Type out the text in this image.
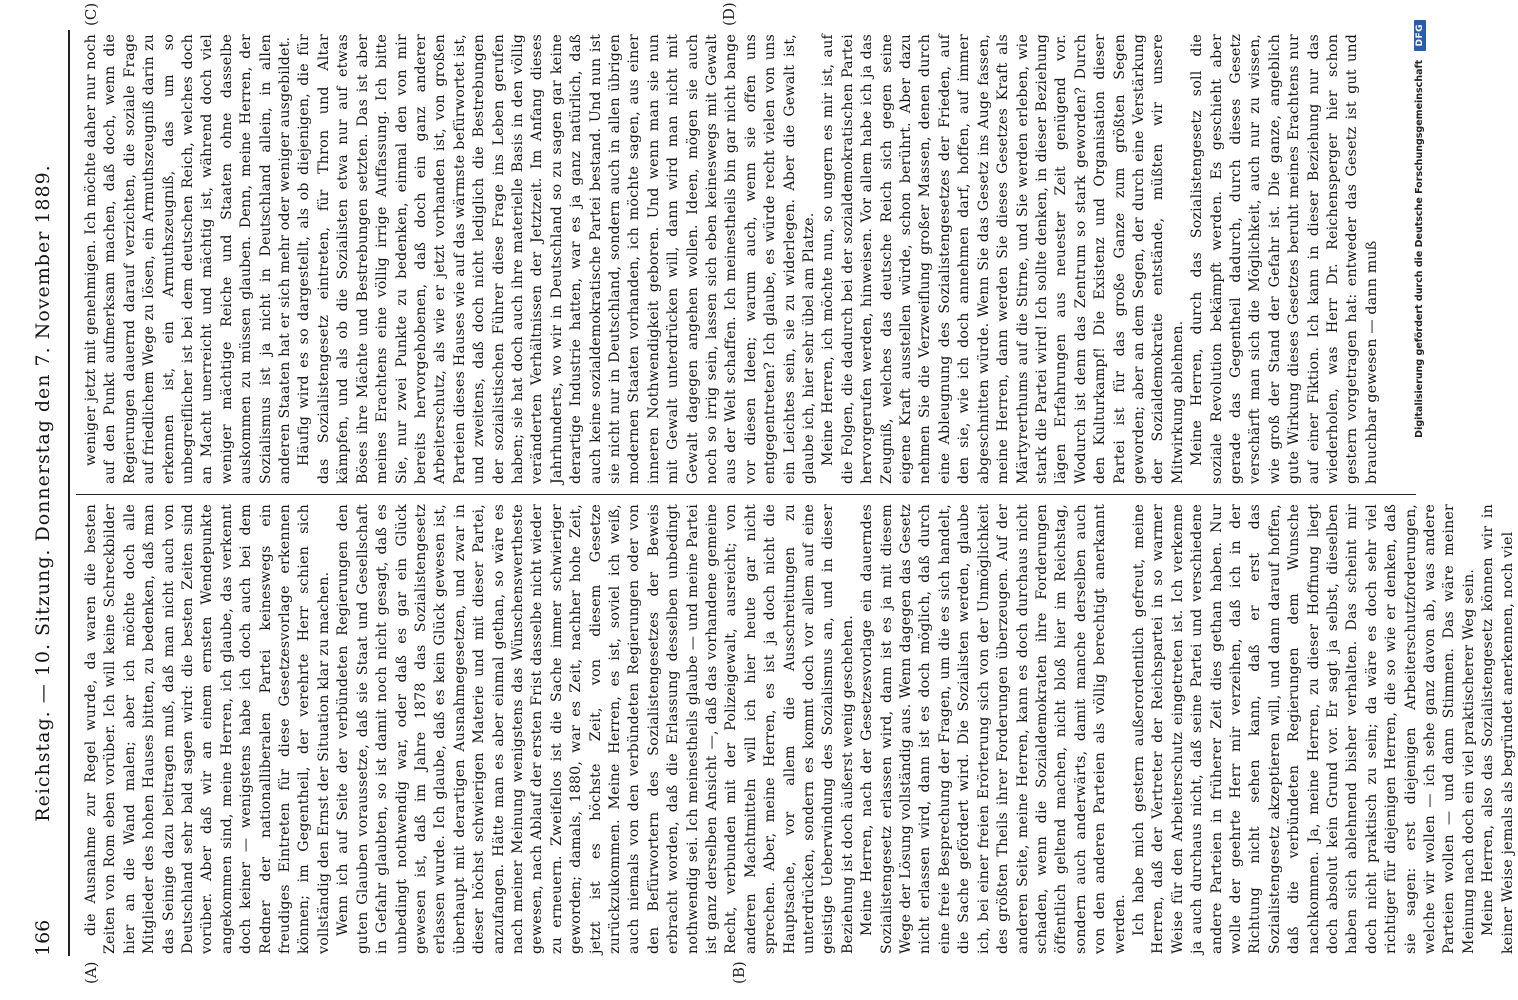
166
Reichstag. — 10. Sitzung. Donnerstag den 7. November 1889.
(A)	(B)
(C)	(D)

die Ausnahme zur Regel wurde, da waren die besten Zeiten von Rom eben vorüber. Ich will keine Schreckbilder hier an die Wand malen; aber ich möchte doch alle Mitglieder des hohen Hauses bitten, zu bedenken, daß man das Seinige dazu beitragen muß, daß man nicht auch von Deutschland sehr bald sagen wird: die besten Zeiten sind vorüber. Aber daß wir an einem ernsten Wendepunkte angekommen sind, meine Herren, ich glaube, das verkennt doch keiner — wenigstens habe ich doch auch bei dem Redner der nationalliberalen Partei keineswegs ein freudiges Eintreten für diese Gesetzesvorlage erkennen können; im Gegentheil, der verehrte Herr schien sich vollständig den Ernst der Situation klar zu machen. Wenn ich auf Seite der verbündeten Regierungen den guten Glauben voraussetze, daß sie Staat und Gesellschaft in Gefahr glaubten, so ist damit noch nicht gesagt, daß es unbedingt nothwendig war, oder daß es gar ein Glück gewesen ist, daß im Jahre 1878 das Sozialistengesetz erlassen wurde. Ich glaube, daß es kein Glück gewesen ist, überhaupt mit derartigen Ausnahmegesetzen, und zwar in dieser höchst schwierigen Materie und mit dieser Partei, anzufangen. Hätte man es aber einmal gethan, so wäre es nach meiner Meinung wenigstens das Wünschenswertheste gewesen, nach Ablauf der ersten Frist dasselbe nicht wieder zu erneuern. Zweifellos ist die Sache immer schwieriger geworden; damals, 1880, war es Zeit, nachher hohe Zeit, jetzt ist es höchste Zeit, von diesem Gesetze zurückzukommen. Meine Herren, es ist, soviel ich weiß, auch niemals von den verbündeten Regierungen oder von den Befürwortern des Sozialistengesetzes der Beweis erbracht worden, daß die Erlassung desselben unbedingt nothwendig sei. Ich meinestheils glaube — und meine Partei ist ganz derselben Ansicht —, daß das vorhandene gemeine Recht, verbunden mit der Polizeigewalt, ausreicht; von anderen Machtmitteln will ich hier heute gar nicht sprechen. Aber, meine Herren, es ist ja doch nicht die Hauptsache, vor allem die Ausschreitungen zu unterdrücken, sondern es kommt doch vor allem auf eine geistige Ueberwindung des Sozialismus an, und in dieser Beziehung ist doch äußerst wenig geschehen. Meine Herren, nach der Gesetzesvorlage ein dauerndes Sozialistengesetz erlassen wird, dann ist es ja mit diesem Wege der Lösung vollständig aus. Wenn dagegen das Gesetz nicht erlassen wird, dann ist es doch möglich, daß durch eine freie Besprechung der Fragen, um die es sich handelt, die Sache gefördert wird. Die Sozialisten werden, glaube ich, bei einer freien Erörterung sich von der Unmöglichkeit des größten Theils ihrer Forderungen überzeugen. Auf der anderen Seite, meine Herren, kann es doch durchaus nicht schaden, wenn die Sozialdemokraten ihre Forderungen öffentlich geltend machen, nicht bloß hier im Reichstag, sondern auch anderwärts, damit manche derselben auch von den anderen Parteien als völlig berechtigt anerkannt werden. Ich habe mich gestern außerordentlich gefreut, meine Herren, daß der Vertreter der Reichspartei in so warmer Weise für den Arbeiterschutz eingetreten ist. Ich verkenne ja auch durchaus nicht, daß seine Partei und verschiedene andere Parteien in früherer Zeit dies gethan haben. Nur wolle der geehrte Herr mir verzeihen, daß ich in der Richtung nicht sehen kann, daß er erst das Sozialistengesetz akzeptieren will, und dann darauf hoffen, daß die verbündeten Regierungen dem Wunsche nachkommen. Ja, meine Herren, zu dieser Hoffnung liegt doch absolut kein Grund vor. Er sagt ja selbst, dieselben haben sich ablehnend bisher verhalten. Das scheint mir doch nicht praktisch zu sein; da wäre es doch sehr viel richtiger für diejenigen Herren, die so wie er denken, daß sie sagen: erst diejenigen Arbeiterschutzforderungen, welche wir wollen — ich sehe ganz davon ab, was andere Parteien wollen — und dann Stimmen. Das wäre meiner Meinung nach doch ein viel praktischerer Weg sein. Meine Herren, also das Sozialistengesetz können wir in keiner Weise jemals als begründet anerkennen, noch viel

weniger jetzt mit genehmigen. Ich möchte daher nur noch auf den Punkt aufmerksam machen, daß doch, wenn die Regierungen dauernd darauf verzichten, die soziale Frage auf friedlichem Wege zu lösen, ein Armuthszeugniß darin zu erkennen ist, ein Armuthszeugniß, das um so unbegreiflicher ist bei dem deutschen Reich, welches doch an Macht unerreicht und mächtig ist, während doch viel weniger mächtige Reiche und Staaten ohne dasselbe auskommen zu müssen glauben. Denn, meine Herren, der Sozialismus ist ja nicht in Deutschland allein, in allen anderen Staaten hat er sich mehr oder weniger ausgebildet. Häufig wird es so dargestellt, als ob diejenigen, die für das Sozialistengesetz eintreten, für Thron und Altar kämpfen, und als ob die Sozialisten etwa nur auf etwas Böses ihre Mächte und Bestrebungen setzten. Das ist aber meines Erachtens eine völlig irrige Auffassung. Ich bitte Sie, nur zwei Punkte zu bedenken, einmal den von mir bereits hervorgehobenen, daß doch ein ganz anderer Arbeiterschutz, als wie er jetzt vorhanden ist, von großen Parteien dieses Hauses wie auf das wärmste befürwortet ist, und zweitens, daß doch nicht lediglich die Bestrebungen der sozialistischen Führer diese Frage ins Leben gerufen haben; sie hat doch auch ihre materielle Basis in den völlig veränderten Verhältnissen der Jetztzeit. Im Anfang dieses Jahrhunderts, wo wir in Deutschland so zu sagen gar keine derartige Industrie hatten, war es ja ganz natürlich, daß auch keine sozialdemokratische Partei bestand. Und nun ist sie nicht nur in Deutschland, sondern auch in allen übrigen modernen Staaten vorhanden, ich möchte sagen, aus einer inneren Nothwendigkeit geboren. Und wenn man sie nun mit Gewalt unterdrücken will, dann wird man nicht mit Gewalt dagegen angehen wollen. Ideen, mögen sie auch noch so irrig sein, lassen sich eben keineswegs mit Gewalt aus der Welt schaffen. Ich meinestheils bin gar nicht bange vor diesen Ideen; warum auch, wenn sie offen uns entgegentreten? Ich glaube, es würde recht vielen von uns ein Leichtes sein, sie zu widerlegen. Aber die Gewalt ist, glaube ich, hier sehr übel am Platze. Meine Herren, ich möchte nun, so ungern es mir ist, auf die Folgen, die dadurch bei der sozialdemokratischen Partei hervorgerufen werden, hinweisen. Vor allem habe ich ja das Zeugniß, welches das deutsche Reich sich gegen seine eigene Kraft ausstellen würde, schon berührt. Aber dazu nehmen Sie die Verzweiflung großer Massen, denen durch eine Ableugnung des Sozialistengesetzes der Frieden, auf den sie, wie ich doch annehmen darf, hoffen, auf immer abgeschnitten würde. Wenn Sie das Gesetz ins Auge fassen, meine Herren, dann werden Sie dieses Gesetzes Kraft als Märtyrerthums auf die Stirne, und Sie werden erleben, wie stark die Partei wird! Ich sollte denken, in dieser Beziehung lägen Erfahrungen aus neuester Zeit genügend vor. Wodurch ist denn das Zentrum so stark geworden? Durch den Kulturkampf! Die Existenz und Organisation dieser Partei ist für das große Ganze zum größten Segen geworden; aber an dem Segen, der durch eine Verstärkung der Sozialdemokratie entstände, müßten wir unsere Mitwirkung ablehnen. Meine Herren, durch das Sozialistengesetz soll die soziale Revolution bekämpft werden. Es geschieht aber gerade das Gegentheil dadurch, durch dieses Gesetz verschärft man sich die Möglichkeit, auch nur zu wissen, wie groß der Stand der Gefahr ist. Die ganze, angeblich gute Wirkung dieses Gesetzes beruht meines Erachtens nur auf einer Fiktion. Ich kann in dieser Beziehung nur das wiederholen, was Herr Dr. Reichensperger hier schon gestern vorgetragen hat: entweder das Gesetz ist gut und brauchbar gewesen — dann muß	Digitalisierung gefördert durch die Deutsche Forschungsgemeinschaft DFG
